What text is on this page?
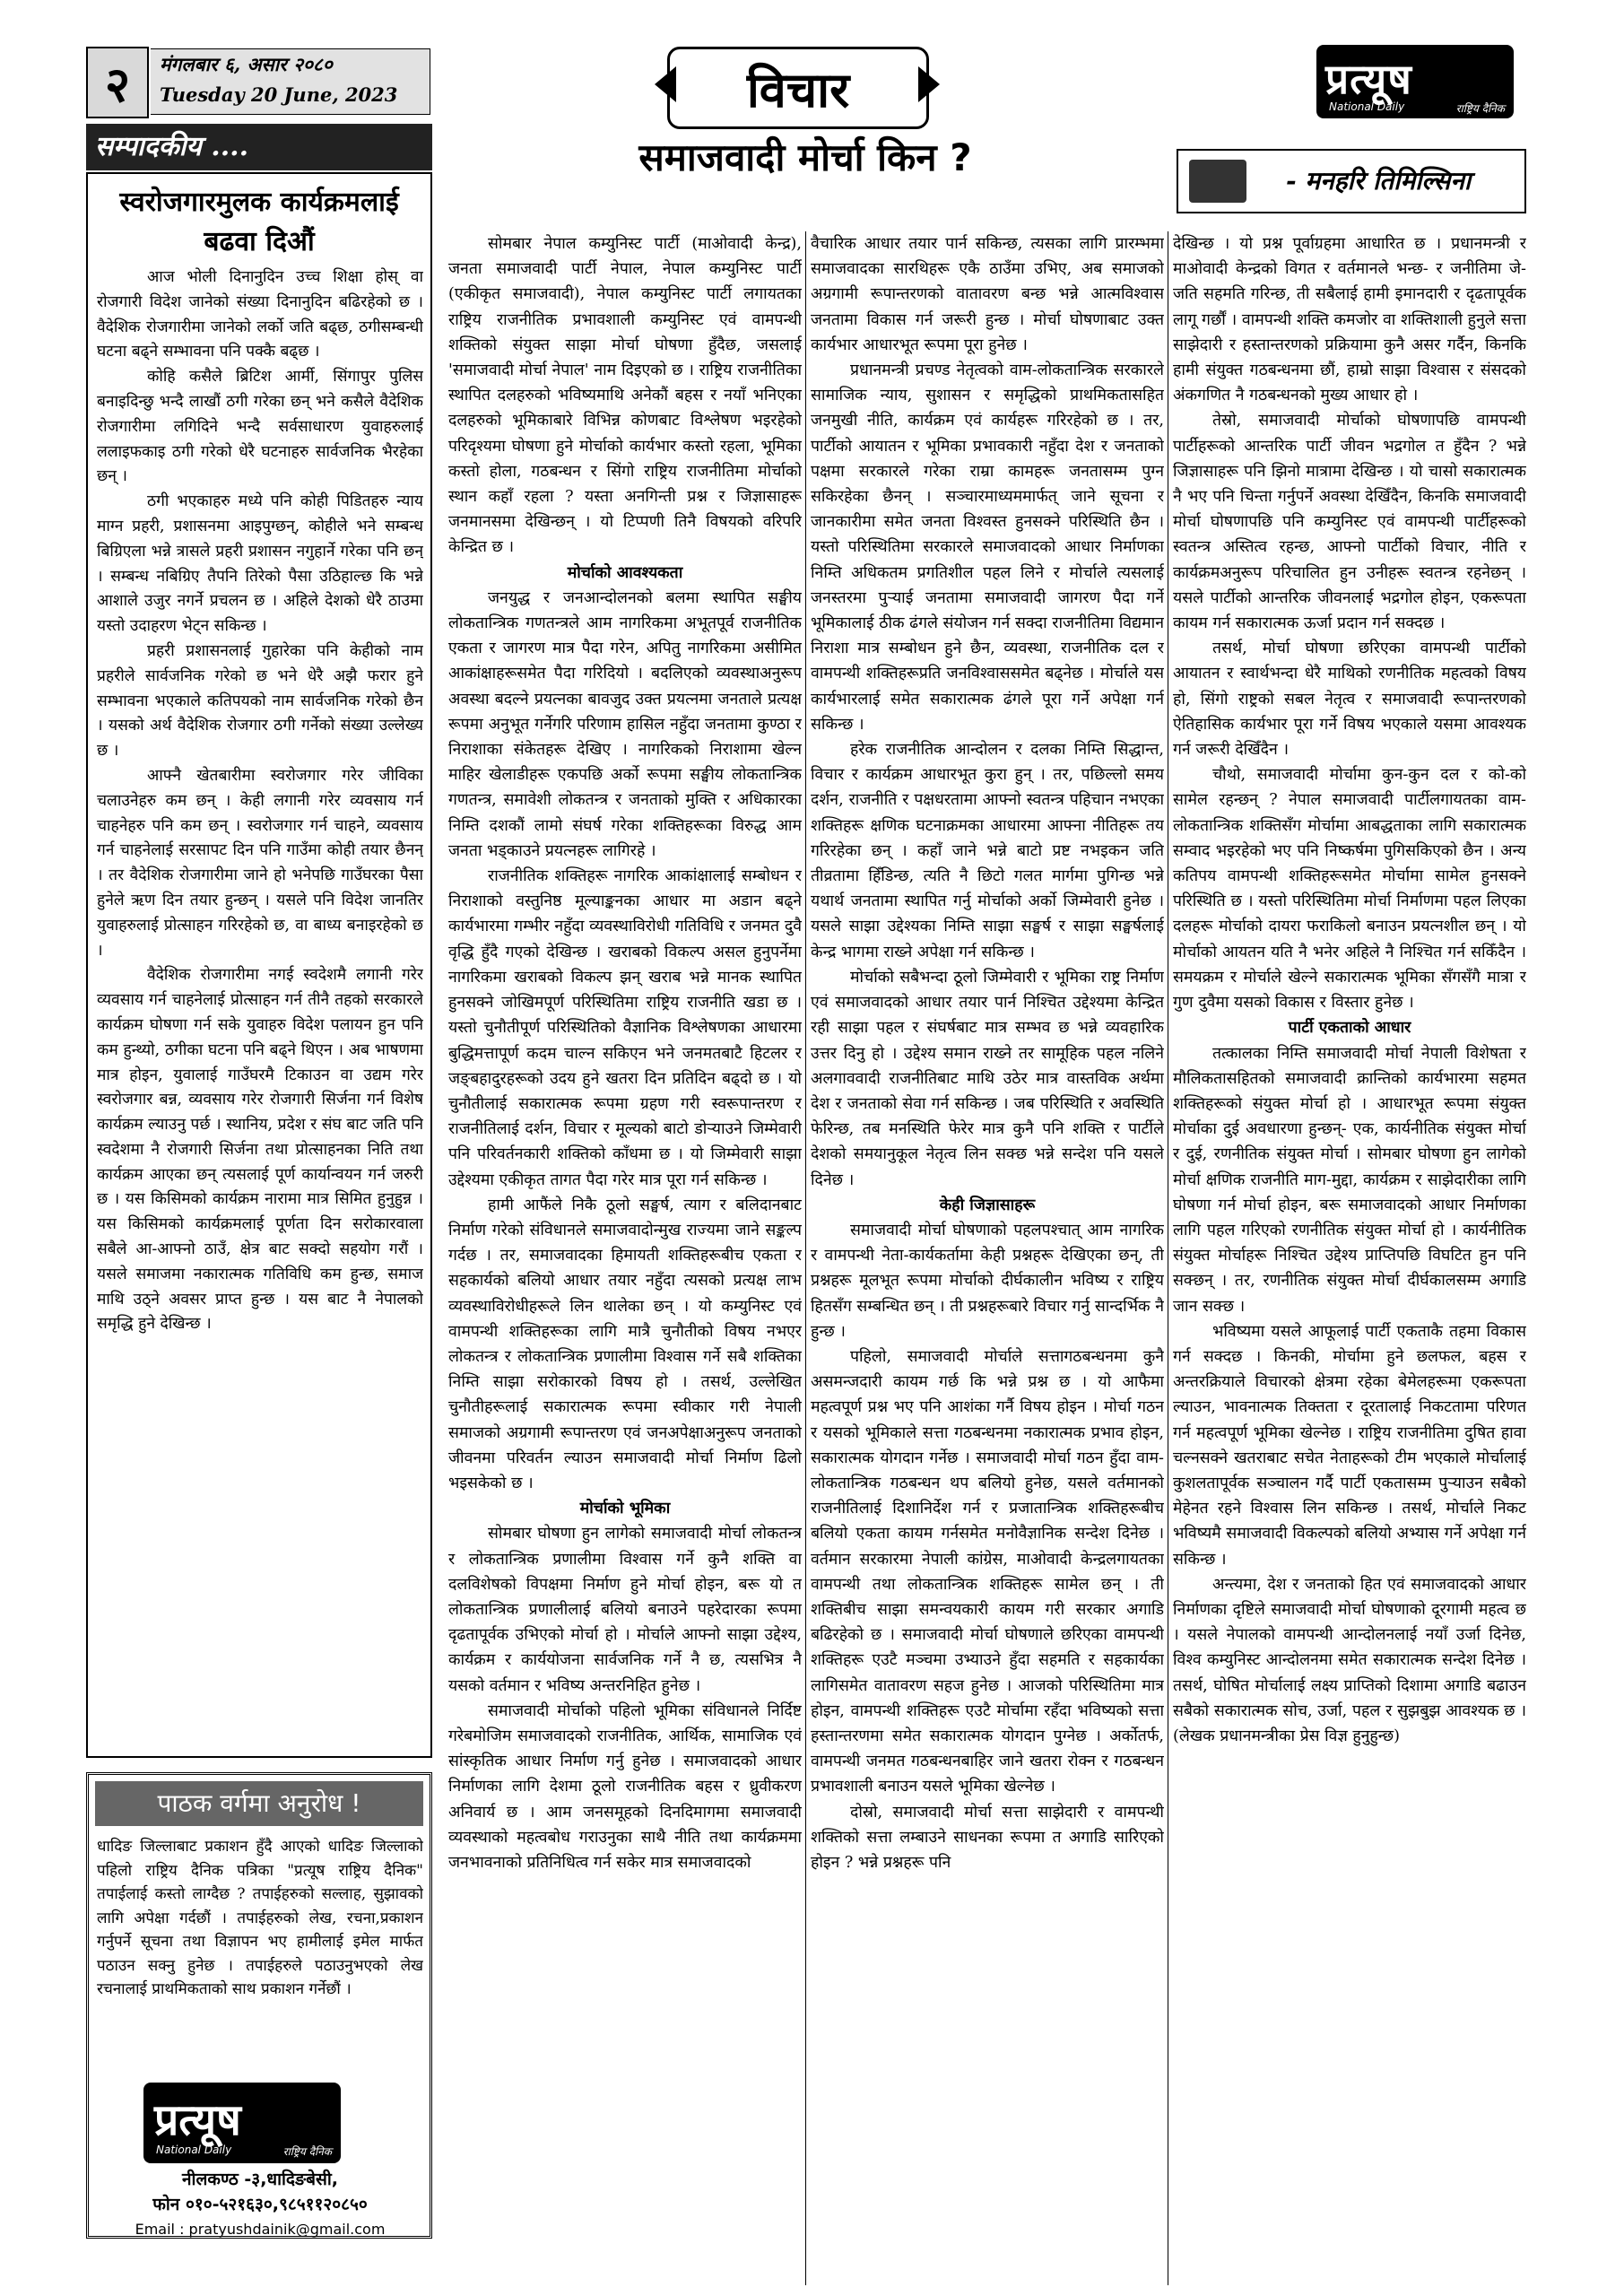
२	मंगलबार ६, असार २०८०
Tuesday 20 June, 2023	विचार	प्रत्यूष
National Daily	राष्ट्रिय दैनिक
सम्पादकीय ....
स्वरोजगारमुलक कार्यक्रमलाई बढवा दिऔं

आज भोली दिनानुदिन उच्च शिक्षा होस् वा रोजगारी विदेश जानेको संख्या दिनानुदिन बढिरहेको छ । वैदेशिक रोजगारीमा जानेको लर्को जति बढ्छ, ठगीसम्बन्धी घटना बढ्ने सम्भावना पनि पक्कै बढ्छ ।

कोहि कसैले ब्रिटिश आर्मी, सिंगापुर पुलिस बनाइदिन्छु भन्दै लाखौं ठगी गरेका छन् भने कसैले वैदेशिक रोजगारीमा लगिदिने भन्दै सर्वसाधारण युवाहरुलाई ललाइफकाइ ठगी गरेको धेरै घटनाहरु सार्वजनिक भैरहेका छन् ।

ठगी भएकाहरु मध्ये पनि कोही पिडितहरु न्याय माग्न प्रहरी, प्रशासनमा आइपुग्छन्, कोहीले भने सम्बन्ध बिग्रिएला भन्ने त्रासले प्रहरी प्रशासन नगुहार्ने गरेका पनि छन् । सम्बन्ध नबिग्रिए तैपनि तिरेको पैसा उठिहाल्छ कि भन्ने आशाले उजुर नगर्ने प्रचलन छ । अहिले देशको धेरै ठाउमा यस्तो उदाहरण भेट्न सकिन्छ ।

प्रहरी प्रशासनलाई गुहारेका पनि केहीको नाम प्रहरीले सार्वजनिक गरेको छ भने धेरै अझै फरार हुने सम्भावना भएकाले कतिपयको नाम सार्वजनिक गरेको छैन । यसको अर्थ वैदेशिक रोजगार ठगी गर्नेको संख्या उल्लेख्य छ ।

आफ्नै खेतबारीमा स्वरोजगार गरेर जीविका चलाउनेहरु कम छन् । केही लगानी गरेर व्यवसाय गर्न चाहनेहरु पनि कम छन् । स्वरोजगार गर्न चाहने, व्यवसाय गर्न चाहनेलाई सरसापट दिन पनि गाउँमा कोही तयार छैनन् । तर वैदेशिक रोजगारीमा जाने हो भनेपछि गाउँघरका पैसा हुनेले ऋण दिन तयार हुन्छन् । यसले पनि विदेश जानतिर युवाहरुलाई प्रोत्साहन गरिरहेको छ, वा बाध्य बनाइरहेको छ ।

वैदेशिक रोजगारीमा नगई स्वदेशमै लगानी गरेर व्यवसाय गर्न चाहनेलाई प्रोत्साहन गर्न तीनै तहको सरकारले कार्यक्रम घोषणा गर्न सके युवाहरु विदेश पलायन हुन पनि कम हुन्थ्यो, ठगीका घटना पनि बढ्ने थिएन । अब भाषणमा मात्र होइन, युवालाई गाउँघरमै टिकाउन वा उद्यम गरेर स्वरोजगार बन्न, व्यवसाय गरेर रोजगारी सिर्जना गर्न विशेष कार्यक्रम ल्याउनु पर्छ । स्थानिय, प्रदेश र संघ बाट जति पनि स्वदेशमा नै रोजगारी सिर्जना तथा प्रोत्साहनका निति तथा कार्यक्रम आएका छन् त्यसलाई पूर्ण कार्यान्वयन गर्न जरुरी छ । यस किसिमको कार्यक्रम नारामा मात्र सिमित हुनुहुन्न । यस किसिमको कार्यक्रमलाई पूर्णता दिन सरोकारवाला सबैले आ-आफ्नो ठाउँ, क्षेत्र बाट सक्दो सहयोग गरौं । यसले समाजमा नकारात्मक गतिविधि कम हुन्छ, समाज माथि उठ्ने अवसर प्राप्त हुन्छ । यस बाट नै नेपालको समृद्धि हुने देखिन्छ ।

पाठक वर्गमा अनुरोध !

धादिङ जिल्लाबाट प्रकाशन हुँदै आएको धादिङ जिल्लाको पहिलो राष्ट्रिय दैनिक पत्रिका "प्रत्यूष राष्ट्रिय दैनिक" तपाईलाई कस्तो लाग्दैछ ? तपाईहरुको सल्लाह, सुझावको लागि अपेक्षा गर्दछौं । तपाईहरुको लेख, रचना,प्रकाशन गर्नुपर्ने सूचना तथा विज्ञापन भए हामीलाई इमेल मार्फत पठाउन सक्नु हुनेछ । तपाईहरुले पठाउनुभएको लेख रचनालाई प्राथमिकताको साथ प्रकाशन गर्नेछौं ।

प्रत्यूष
National Daily	राष्ट्रिय दैनिक
नीलकण्ठ -३,धादिङबेसी,
फोन ०१०-५२१६३०,९८५११२०८५०
Email : pratyushdainik@gmail.com
समाजवादी मोर्चा किन ?
- मनहरि तिमिल्सिना

सोमबार नेपाल कम्युनिस्ट पार्टी (माओवादी केन्द्र), जनता समाजवादी पार्टी नेपाल, नेपाल कम्युनिस्ट पार्टी (एकीकृत समाजवादी), नेपाल कम्युनिस्ट पार्टी लगायतका राष्ट्रिय राजनीतिक प्रभावशाली कम्युनिस्ट एवं वामपन्थी शक्तिको संयुक्त साझा मोर्चा घोषणा हुँदैछ, जसलाई 'समाजवादी मोर्चा नेपाल' नाम दिइएको छ । राष्ट्रिय राजनीतिका स्थापित दलहरुको भविष्यमाथि अनेकौं बहस र नयाँ भनिएका दलहरुको भूमिकाबारे विभिन्न कोणबाट विश्लेषण भइरहेको परिदृश्यमा घोषणा हुने मोर्चाको कार्यभार कस्तो रहला, भूमिका कस्तो होला, गठबन्धन र सिंगो राष्ट्रिय राजनीतिमा मोर्चाको स्थान कहाँ रहला ? यस्ता अनगिन्ती प्रश्न र जिज्ञासाहरू जनमानसमा देखिन्छन् । यो टिप्पणी तिनै विषयको वरिपरि केन्द्रित छ ।

मोर्चाको आवश्यकता

जनयुद्ध र जनआन्दोलनको बलमा स्थापित सङ्घीय लोकतान्त्रिक गणतन्त्रले आम नागरिकमा अभूतपूर्व राजनीतिक एकता र जागरण मात्र पैदा गरेन, अपितु नागरिकमा असीमित आकांक्षाहरूसमेत पैदा गरिदियो । बदलिएको व्यवस्थाअनुरूप अवस्था बदल्ने प्रयत्नका बावजुद उक्त प्रयत्नमा जनताले प्रत्यक्ष रूपमा अनुभूत गर्नेगरि परिणाम हासिल नहुँदा जनतामा कुण्ठा र निराशाका संकेतहरू देखिए । नागरिकको निराशामा खेल्न माहिर खेलाडीहरू एकपछि अर्को रूपमा सङ्घीय लोकतान्त्रिक गणतन्त्र, समावेशी लोकतन्त्र र जनताको मुक्ति र अधिकारका निम्ति दशकौं लामो संघर्ष गरेका शक्तिहरूका विरुद्ध आम जनता भड्काउने प्रयत्नहरू लागिरहे ।

राजनीतिक शक्तिहरू नागरिक आकांक्षालाई सम्बोधन र निराशाको वस्तुनिष्ठ मूल्याङ्कनका आधार मा अडान बढ्ने कार्यभारमा गम्भीर नहुँदा व्यवस्थाविरोधी गतिविधि र जनमत दुवै वृद्धि हुँदै गएको देखिन्छ । खराबको विकल्प असल हुनुपर्नेमा नागरिकमा खराबको विकल्प झन् खराब भन्ने मानक स्थापित हुनसक्ने जोखिमपूर्ण परिस्थितिमा राष्ट्रिय राजनीति खडा छ । यस्तो चुनौतीपूर्ण परिस्थितिको वैज्ञानिक विश्लेषणका आधारमा बुद्धिमत्तापूर्ण कदम चाल्न सकिएन भने जनमतबाटै हिटलर र जङ्बहादुरहरूको उदय हुने खतरा दिन प्रतिदिन बढ्दो छ । यो चुनौतीलाई सकारात्मक रूपमा ग्रहण गरी स्वरूपान्तरण र राजनीतिलाई दर्शन, विचार र मूल्यको बाटो डोऱ्याउने जिम्मेवारी पनि परिवर्तनकारी शक्तिको काँधमा छ । यो जिम्मेवारी साझा उद्देश्यमा एकीकृत तागत पैदा गरेर मात्र पूरा गर्न सकिन्छ ।

हामी आफैंले निकै ठूलो सङ्घर्ष, त्याग र बलिदानबाट निर्माण गरेको संविधानले समाजवादोन्मुख राज्यमा जाने सङ्कल्प गर्दछ । तर, समाजवादका हिमायती शक्तिहरूबीच एकता र सहकार्यको बलियो आधार तयार नहुँदा त्यसको प्रत्यक्ष लाभ व्यवस्थाविरोधीहरूले लिन थालेका छन् । यो कम्युनिस्ट एवं वामपन्थी शक्तिहरूका लागि मात्रै चुनौतीको विषय नभएर लोकतन्त्र र लोकतान्त्रिक प्रणालीमा विश्वास गर्ने सबै शक्तिका निम्ति साझा सरोकारको विषय हो । तसर्थ, उल्लेखित चुनौतीहरूलाई सकारात्मक रूपमा स्वीकार गरी नेपाली समाजको अग्रगामी रूपान्तरण एवं जनअपेक्षाअनुरूप जनताको जीवनमा परिवर्तन ल्याउन समाजवादी मोर्चा निर्माण ढिलो भइसकेको छ ।

मोर्चाको भूमिका

सोमबार घोषणा हुन लागेको समाजवादी मोर्चा लोकतन्त्र र लोकतान्त्रिक प्रणालीमा विश्वास गर्ने कुनै शक्ति वा दलविशेषको विपक्षमा निर्माण हुने मोर्चा होइन, बरू यो त लोकतान्त्रिक प्रणालीलाई बलियो बनाउने पहरेदारका रूपमा दृढतापूर्वक उभिएको मोर्चा हो । मोर्चाले आफ्नो साझा उद्देश्य, कार्यक्रम र कार्ययोजना सार्वजनिक गर्ने नै छ, त्यसभित्र नै यसको वर्तमान र भविष्य अन्तरनिहित हुनेछ ।

समाजवादी मोर्चाको पहिलो भूमिका संविधानले निर्दिष्ट गरेबमोजिम समाजवादको राजनीतिक, आर्थिक, सामाजिक एवं सांस्कृतिक आधार निर्माण गर्नु हुनेछ । समाजवादको आधार निर्माणका लागि देशमा ठूलो राजनीतिक बहस र ध्रुवीकरण अनिवार्य छ । आम जनसमूहको दिनदिमागमा समाजवादी व्यवस्थाको महत्वबोध गराउनुका साथै नीति तथा कार्यक्रममा जनभावनाको प्रतिनिधित्व गर्न सकेर मात्र समाजवादको

वैचारिक आधार तयार पार्न सकिन्छ, त्यसका लागि प्रारम्भमा समाजवादका सारथिहरू एकै ठाउँमा उभिए, अब समाजको अग्रगामी रूपान्तरणको वातावरण बन्छ भन्ने आत्मविश्वास जनतामा विकास गर्न जरूरी हुन्छ । मोर्चा घोषणाबाट उक्त कार्यभार आधारभूत रूपमा पूरा हुनेछ ।

प्रधानमन्त्री प्रचण्ड नेतृत्वको वाम-लोकतान्त्रिक सरकारले सामाजिक न्याय, सुशासन र समृद्धिको प्राथमिकतासहित जनमुखी नीति, कार्यक्रम एवं कार्यहरू गरिरहेको छ । तर, पार्टीको आयातन र भूमिका प्रभावकारी नहुँदा देश र जनताको पक्षमा सरकारले गरेका राम्रा कामहरू जनतासम्म पुग्न सकिरहेका छैनन् । सञ्चारमाध्यममार्फत् जाने सूचना र जानकारीमा समेत जनता विश्वस्त हुनसक्ने परिस्थिति छैन । यस्तो परिस्थितिमा सरकारले समाजवादको आधार निर्माणका निम्ति अधिकतम प्रगतिशील पहल लिने र मोर्चाले त्यसलाई जनस्तरमा पुऱ्याई जनतामा समाजवादी जागरण पैदा गर्ने भूमिकालाई ठीक ढंगले संयोजन गर्न सक्दा राजनीतिमा विद्यमान निराशा मात्र सम्बोधन हुने छैन, व्यवस्था, राजनीतिक दल र वामपन्थी शक्तिहरूप्रति जनविश्वाससमेत बढ्नेछ । मोर्चाले यस कार्यभारलाई समेत सकारात्मक ढंगले पूरा गर्ने अपेक्षा गर्न सकिन्छ ।

हरेक राजनीतिक आन्दोलन र दलका निम्ति सिद्धान्त, विचार र कार्यक्रम आधारभूत कुरा हुन् । तर, पछिल्लो समय दर्शन, राजनीति र पक्षधरतामा आफ्नो स्वतन्त्र पहिचान नभएका शक्तिहरू क्षणिक घटनाक्रमका आधारमा आफ्ना नीतिहरू तय गरिरहेका छन् । कहाँ जाने भन्ने बाटो प्रष्ट नभइकन जति तीव्रतामा हिँडिन्छ, त्यति नै छिटो गलत मार्गमा पुगिन्छ भन्ने यथार्थ जनतामा स्थापित गर्नु मोर्चाको अर्को जिम्मेवारी हुनेछ । यसले साझा उद्देश्यका निम्ति साझा सङ्घर्ष र साझा सङ्घर्षलाई केन्द्र भागमा राख्ने अपेक्षा गर्न सकिन्छ ।

मोर्चाको सबैभन्दा ठूलो जिम्मेवारी र भूमिका राष्ट्र निर्माण एवं समाजवादको आधार तयार पार्न निश्चित उद्देश्यमा केन्द्रित रही साझा पहल र संघर्षबाट मात्र सम्भव छ भन्ने व्यवहारिक उत्तर दिनु हो । उद्देश्य समान राख्ने तर सामूहिक पहल नलिने अलगाववादी राजनीतिबाट माथि उठेर मात्र वास्तविक अर्थमा देश र जनताको सेवा गर्न सकिन्छ । जब परिस्थिति र अवस्थिति फेरिन्छ, तब मनस्थिति फेरेर मात्र कुनै पनि शक्ति र पार्टीले देशको समयानुकूल नेतृत्व लिन सक्छ भन्ने सन्देश पनि यसले दिनेछ ।

केही जिज्ञासाहरू

समाजवादी मोर्चा घोषणाको पहलपश्चात् आम नागरिक र वामपन्थी नेता-कार्यकर्तामा केही प्रश्नहरू देखिएका छन्, ती प्रश्नहरू मूलभूत रूपमा मोर्चाको दीर्घकालीन भविष्य र राष्ट्रिय हितसँग सम्बन्धित छन् । ती प्रश्नहरूबारे विचार गर्नु सान्दर्भिक नै हुन्छ ।

पहिलो, समाजवादी मोर्चाले सत्तागठबन्धनमा कुनै असमन्जदारी कायम गर्छ कि भन्ने प्रश्न छ । यो आफैमा महत्वपूर्ण प्रश्न भए पनि आशंका गर्नै विषय होइन । मोर्चा गठन र यसको भूमिकाले सत्ता गठबन्धनमा नकारात्मक प्रभाव होइन, सकारात्मक योगदान गर्नेछ । समाजवादी मोर्चा गठन हुँदा वाम-लोकतान्त्रिक गठबन्धन थप बलियो हुनेछ, यसले वर्तमानको राजनीतिलाई दिशानिर्देश गर्न र प्रजातान्त्रिक शक्तिहरूबीच बलियो एकता कायम गर्नसमेत मनोवैज्ञानिक सन्देश दिनेछ । वर्तमान सरकारमा नेपाली कांग्रेस, माओवादी केन्द्रलगायतका वामपन्थी तथा लोकतान्त्रिक शक्तिहरू सामेल छन् । ती शक्तिबीच साझा समन्वयकारी कायम गरी सरकार अगाडि बढिरहेको छ । समाजवादी मोर्चा घोषणाले छरिएका वामपन्थी शक्तिहरू एउटै मञ्चमा उभ्याउने हुँदा सहमति र सहकार्यका लागिसमेत वातावरण सहज हुनेछ । आजको परिस्थितिमा मात्र होइन, वामपन्थी शक्तिहरू एउटै मोर्चामा रहँदा भविष्यको सत्ता हस्तान्तरणमा समेत सकारात्मक योगदान पुग्नेछ । अर्कोतर्फ, वामपन्थी जनमत गठबन्धनबाहिर जाने खतरा रोक्न र गठबन्धन प्रभावशाली बनाउन यसले भूमिका खेल्नेछ ।

दोस्रो, समाजवादी मोर्चा सत्ता साझेदारी र वामपन्थी शक्तिको सत्ता लम्बाउने साधनका रूपमा त अगाडि सारिएको होइन ? भन्ने प्रश्नहरू पनि

देखिन्छ । यो प्रश्न पूर्वाग्रहमा आधारित छ । प्रधानमन्त्री र माओवादी केन्द्रको विगत र वर्तमानले भन्छ- र जनीतिमा जे-जति सहमति गरिन्छ, ती सबैलाई हामी इमानदारी र दृढतापूर्वक लागू गर्छौं । वामपन्थी शक्ति कमजोर वा शक्तिशाली हुनुले सत्ता साझेदारी र हस्तान्तरणको प्रक्रियामा कुनै असर गर्दैन, किनकि हामी संयुक्त गठबन्धनमा छौं, हाम्रो साझा विश्वास र संसदको अंकगणित नै गठबन्धनको मुख्य आधार हो ।

तेस्रो, समाजवादी मोर्चाको घोषणापछि वामपन्थी पार्टीहरूको आन्तरिक पार्टी जीवन भद्रगोल त हुँदैन ? भन्ने जिज्ञासाहरू पनि झिनो मात्रामा देखिन्छ । यो चासो सकारात्मक नै भए पनि चिन्ता गर्नुपर्ने अवस्था देखिँदैन, किनकि समाजवादी मोर्चा घोषणापछि पनि कम्युनिस्ट एवं वामपन्थी पार्टीहरूको स्वतन्त्र अस्तित्व रहन्छ, आफ्नो पार्टीको विचार, नीति र कार्यक्रमअनुरूप परिचालित हुन उनीहरू स्वतन्त्र रहनेछन् । यसले पार्टीको आन्तरिक जीवनलाई भद्रगोल होइन, एकरूपता कायम गर्न सकारात्मक ऊर्जा प्रदान गर्न सक्दछ ।

तसर्थ, मोर्चा घोषणा छरिएका वामपन्थी पार्टीको आयातन र स्वार्थभन्दा धेरै माथिको रणनीतिक महत्वको विषय हो, सिंगो राष्ट्रको सबल नेतृत्व र समाजवादी रूपान्तरणको ऐतिहासिक कार्यभार पूरा गर्ने विषय भएकाले यसमा आवश्यक गर्न जरूरी देखिँदैन ।

चौथो, समाजवादी मोर्चामा कुन-कुन दल र को-को सामेल रहन्छन् ? नेपाल समाजवादी पार्टीलगायतका वाम-लोकतान्त्रिक शक्तिसँग मोर्चामा आबद्धताका लागि सकारात्मक सम्वाद भइरहेको भए पनि निष्कर्षमा पुगिसकिएको छैन । अन्य कतिपय वामपन्थी शक्तिहरूसमेत मोर्चामा सामेल हुनसक्ने परिस्थिति छ । यस्तो परिस्थितिमा मोर्चा निर्माणमा पहल लिएका दलहरू मोर्चाको दायरा फराकिलो बनाउन प्रयत्नशील छन् । यो मोर्चाको आयतन यति नै भनेर अहिले नै निश्चित गर्न सकिँदैन । समयक्रम र मोर्चाले खेल्ने सकारात्मक भूमिका सँगसँगै मात्रा र गुण दुवैमा यसको विकास र विस्तार हुनेछ ।

पार्टी एकताको आधार

तत्कालका निम्ति समाजवादी मोर्चा नेपाली विशेषता र मौलिकतासहितको समाजवादी क्रान्तिको कार्यभारमा सहमत शक्तिहरूको संयुक्त मोर्चा हो । आधारभूत रूपमा संयुक्त मोर्चाका दुई अवधारणा हुन्छन्- एक, कार्यनीतिक संयुक्त मोर्चा र दुई, रणनीतिक संयुक्त मोर्चा । सोमबार घोषणा हुन लागेको मोर्चा क्षणिक राजनीति माग-मुद्दा, कार्यक्रम र साझेदारीका लागि घोषणा गर्न मोर्चा होइन, बरू समाजवादको आधार निर्माणका लागि पहल गरिएको रणनीतिक संयुक्त मोर्चा हो । कार्यनीतिक संयुक्त मोर्चाहरू निश्चित उद्देश्य प्राप्तिपछि विघटित हुन पनि सक्छन् । तर, रणनीतिक संयुक्त मोर्चा दीर्घकालसम्म अगाडि जान सक्छ ।

भविष्यमा यसले आफूलाई पार्टी एकताकै तहमा विकास गर्न सक्दछ । किनकी, मोर्चामा हुने छलफल, बहस र अन्तरक्रियाले विचारको क्षेत्रमा रहेका बेमेलहरूमा एकरूपता ल्याउन, भावनात्मक तिक्तता र दूरतालाई निकटतामा परिणत गर्न महत्वपूर्ण भूमिका खेल्नेछ । राष्ट्रिय राजनीतिमा दुषित हावा चल्नसक्ने खतराबाट सचेत नेताहरूको टीम भएकाले मोर्चालाई कुशलतापूर्वक सञ्चालन गर्दै पार्टी एकतासम्म पुऱ्याउन सबैको मेहेनत रहने विश्वास लिन सकिन्छ । तसर्थ, मोर्चाले निकट भविष्यमै समाजवादी विकल्पको बलियो अभ्यास गर्ने अपेक्षा गर्न सकिन्छ ।

अन्त्यमा, देश र जनताको हित एवं समाजवादको आधार निर्माणका दृष्टिले समाजवादी मोर्चा घोषणाको दूरगामी महत्व छ । यसले नेपालको वामपन्थी आन्दोलनलाई नयाँ उर्जा दिनेछ, विश्व कम्युनिस्ट आन्दोलनमा समेत सकारात्मक सन्देश दिनेछ । तसर्थ, घोषित मोर्चालाई लक्ष्य प्राप्तिको दिशामा अगाडि बढाउन सबैको सकारात्मक सोच, उर्जा, पहल र सुझबुझ आवश्यक छ । (लेखक प्रधानमन्त्रीका प्रेस विज्ञ हुनुहुन्छ)
